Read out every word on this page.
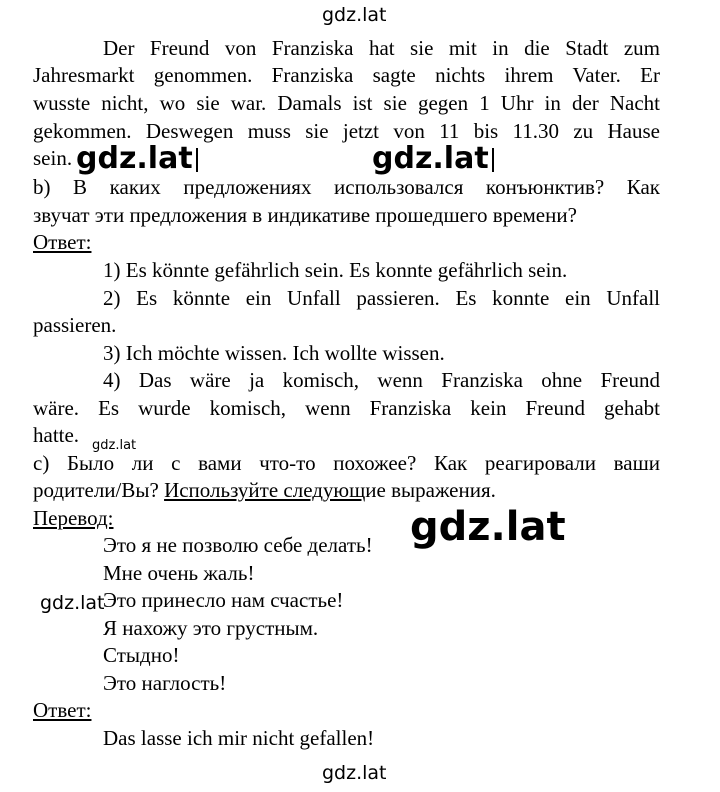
gdz.lat
Der Freund von Franziska hat sie mit in die Stadt zum
Jahresmarkt genommen. Franziska sagte nichts ihrem Vater. Er
wusste nicht, wo sie war. Damals ist sie gegen 1 Uhr in der Nacht
gekommen. Deswegen muss sie jetzt von 11 bis 11.30 zu Hause
sein. gdz.lat	gdz.lat
b) В каких предложениях использовался конъюнктив? Как
звучат эти предложения в индикативе прошедшего времени?
Ответ:
1) Es könnte gefährlich sein. Es konnte gefährlich sein.
2) Es könnte ein Unfall passieren. Es konnte ein Unfall
passieren.
3) Ich möchte wissen. Ich wollte wissen.
4) Das wäre ja komisch, wenn Franziska ohne Freund
wäre. Es wurde komisch, wenn Franziska kein Freund gehabt
hatte. gdz.lat
c) Было ли с вами что-то похожее? Как реагировали ваши
родители/Вы? Используйте следующие выражения.
Перевод:	gdz.lat
Это я не позволю себе делать!
Мне очень жаль!
gdz.lat
Это принесло нам счастье!
Я нахожу это грустным.
Стыдно!
Это наглость!
Ответ:
Das lasse ich mir nicht gefallen!
gdz.lat
